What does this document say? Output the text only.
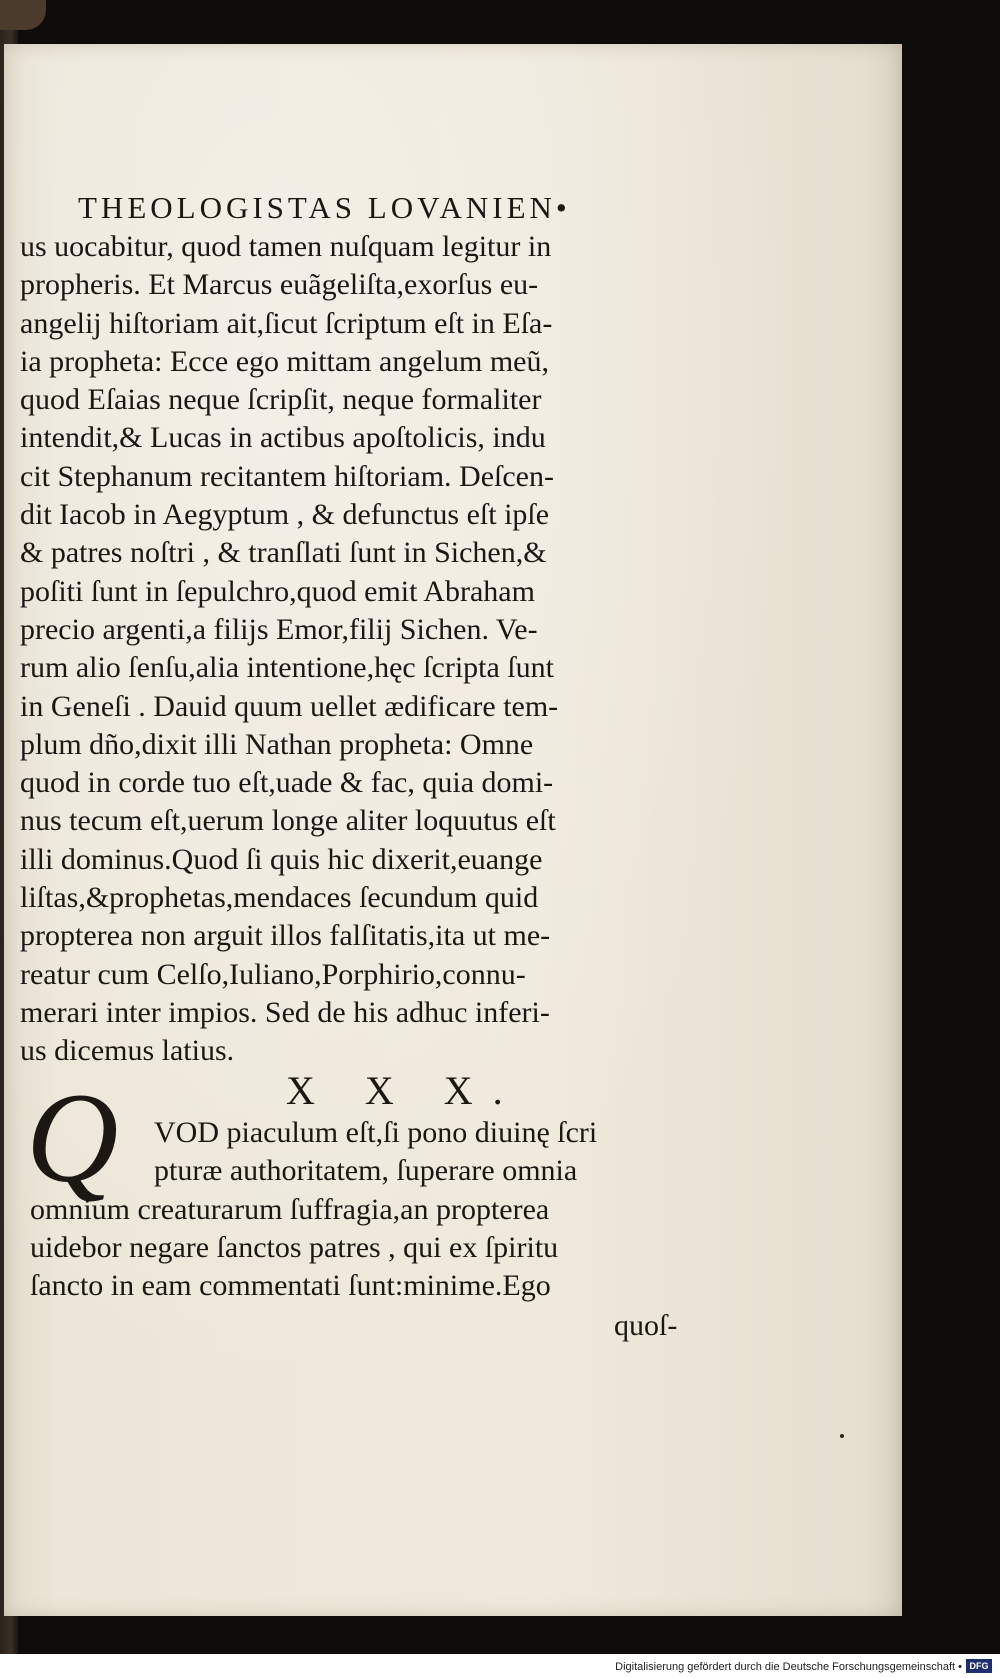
THEOLOGISTAS LOVANIEN•
us uocabitur, quod tamen nuſquam legitur in
propheris. Et Marcus euãgeliſta,exorſus eu‑
angelij hiſtoriam ait,ſicut ſcriptum eſt in Eſa‑
ia propheta: Ecce ego mittam angelum meũ,
quod Eſaias neque ſcripſit, neque formaliter
intendit,& Lucas in actibus apoſtolicis, indu
cit Stephanum recitantem hiſtoriam. Deſcen‑
dit Iacob in Aegyptum , & defunctus eſt ipſe
& patres noſtri , & tranſlati ſunt in Sichen,&
poſiti ſunt in ſepulchro,quod emit Abraham
precio argenti,a filijs Emor,filij Sichen. Ve‑
rum alio ſenſu,alia intentione,hęc ſcripta ſunt
in Geneſi . Dauid quum uellet ædificare tem‑
plum dño,dixit illi Nathan propheta: Omne
quod in corde tuo eſt,uade & fac, quia domi‑
nus tecum eſt,uerum longe aliter loquutus eſt
illi dominus.Quod ſi quis hic dixerit,euange
liſtas,&prophetas,mendaces ſecundum quid
propterea non arguit illos falſitatis,ita ut me‑
reatur cum Celſo,Iuliano,Porphirio,connu‑
merari inter impios. Sed de his adhuc inferi‑
us dicemus latius.
X X X.
Q	VOD piaculum eſt,ſi pono diuinę ſcri
pturæ authoritatem, ſuperare omnia
omnium creaturarum ſuffragia,an propterea
uidebor negare ſanctos patres , qui ex ſpiritu
ſancto in eam commentati ſunt:minime.Ego
quoſ‑
Digitalisierung gefördert durch die Deutsche Forschungsgemeinschaft • DFG
